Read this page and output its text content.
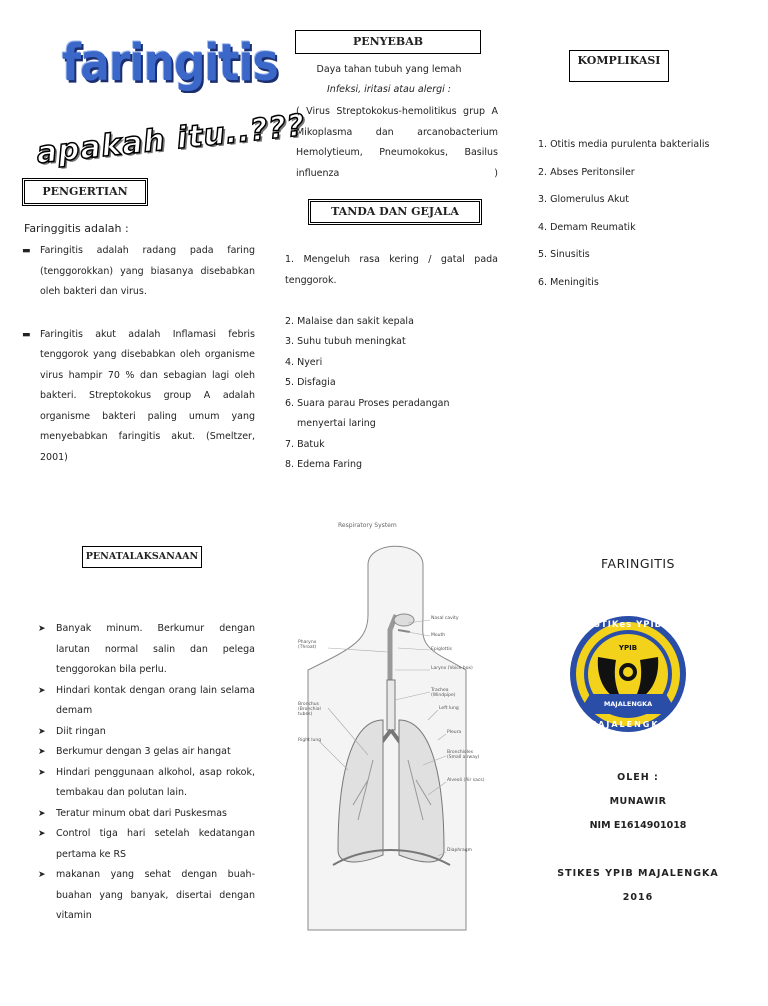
faringitis
apakah itu..???
PENGERTIAN
Faringgitis adalah :
▬ Faringitis adalah radang pada faring (tenggorokkan) yang biasanya disebabkan oleh bakteri dan virus.
▬ Faringitis akut adalah Inflamasi febris tenggorok yang disebabkan oleh organisme virus hampir 70 % dan sebagian lagi oleh bakteri. Streptokokus group A adalah organisme bakteri paling umum yang menyebabkan faringitis akut. (Smeltzer, 2001)
PENATALAKSANAAN
➤ Banyak minum. Berkumur dengan larutan normal salin dan pelega tenggorokan bila perlu.
➤ Hindari kontak dengan orang lain selama demam
➤ Diit ringan
➤ Berkumur dengan 3 gelas air hangat
➤ Hindari penggunaan alkohol, asap rokok, tembakau dan polutan lain.
➤ Teratur minum obat dari Puskesmas
➤ Control tiga hari setelah kedatangan pertama ke RS
➤ makanan yang sehat dengan buah-buahan yang banyak, disertai dengan vitamin
PENYEBAB
Daya tahan tubuh yang lemah
Infeksi, iritasi atau alergi :
( Virus Streptokokus-hemolitikus grup A Mikoplasma dan arcanobacterium Hemolytieum, Pneumokokus, Basilus influenza )
TANDA DAN GEJALA
1. Mengeluh rasa kering / gatal pada tenggorok.
2. Malaise dan sakit kepala
3. Suhu tubuh meningkat
4. Nyeri
5. Disfagia
6. Suara parau Proses peradangan menyertai laring
7. Batuk
8. Edema Faring
Respiratory System
Pharynx (Throat)
Bronchus (Bronchial tubes)
Right lung
Nasal cavity
Mouth
Epiglottis
Larynx (Voice box)
Trachea (Windpipe)
Left lung
Pleura
Bronchioles (Small airway)
Alveoli (Air sacs)
Diaphragm
KOMPLIKASI
1. Otitis media purulenta bakterialis
2. Abses Peritonsiler
3. Glomerulus Akut
4. Demam Reumatik
5. Sinusitis
6. Meningitis
FARINGITIS
STIKes YPIB
YPIB
MAJALENGKA
MAJALENGKA
OLEH :
MUNAWIR
NIM E1614901018
STIKES YPIB MAJALENGKA
2016
